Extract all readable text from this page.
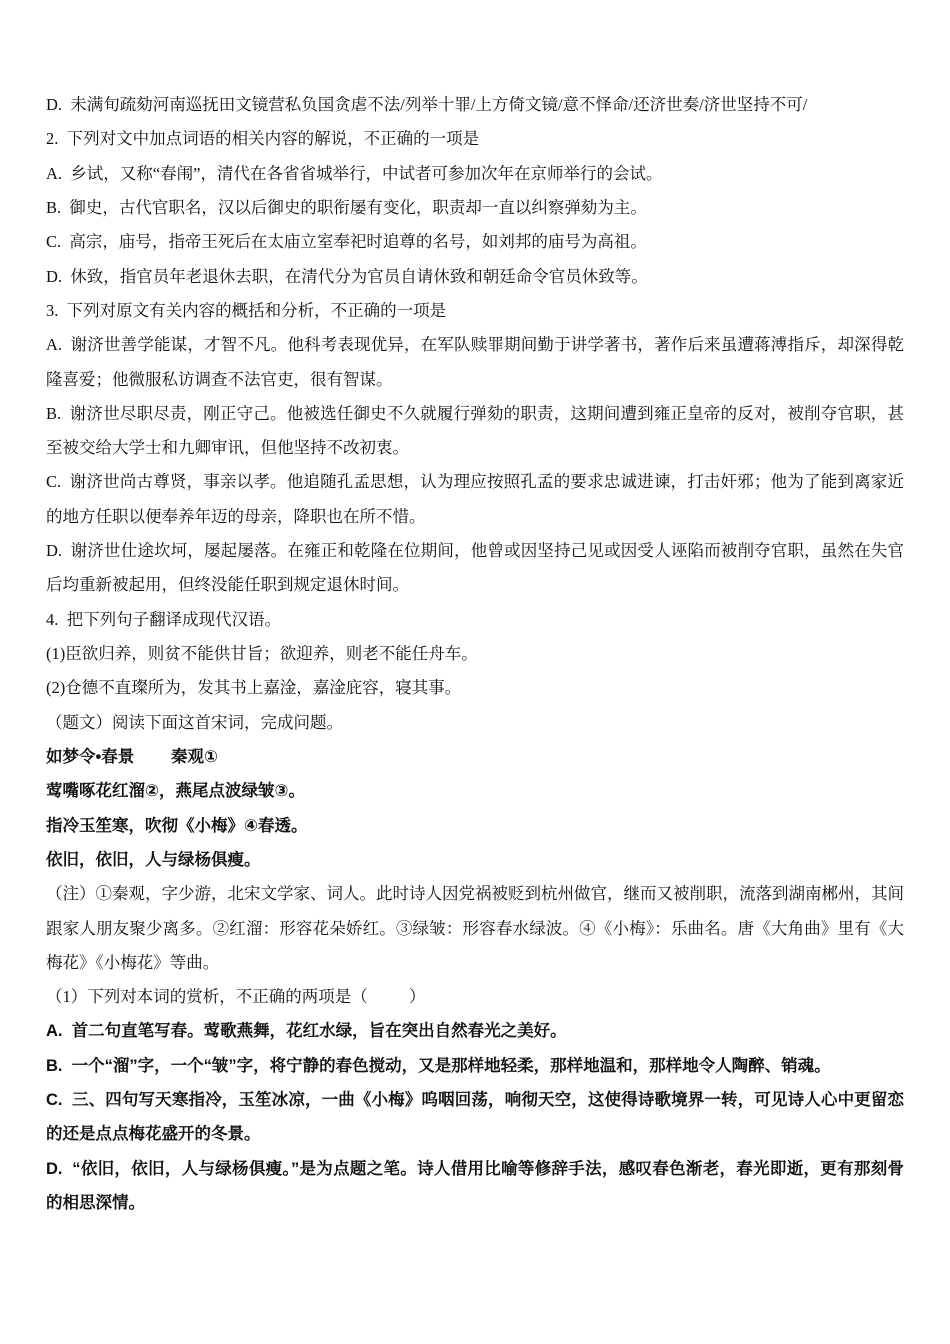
D.  未满旬疏劾河南巡抚田文镜营私负国贪虐不法/列举十罪/上方倚文镜/意不怿命/还济世奏/济世坚持不可/

2.  下列对文中加点词语的相关内容的解说，不正确的一项是

A.  乡试，又称“春闱”，清代在各省省城举行，中试者可参加次年在京师举行的会试。

B.  御史，古代官职名，汉以后御史的职衔屡有变化，职责却一直以纠察弹劾为主。

C.  高宗，庙号，指帝王死后在太庙立室奉祀时追尊的名号，如刘邦的庙号为高祖。

D.  休致，指官员年老退休去职，在清代分为官员自请休致和朝廷命令官员休致等。

3.  下列对原文有关内容的概括和分析，不正确的一项是

A.  谢济世善学能谋，才智不凡。他科考表现优异，在军队赎罪期间勤于讲学著书，著作后来虽遭蒋溥指斥，却深得乾隆喜爱；他微服私访调查不法官吏，很有智谋。

B.  谢济世尽职尽责，刚正守己。他被选任御史不久就履行弹劾的职责，这期间遭到雍正皇帝的反对，被削夺官职，甚至被交给大学士和九卿审讯，但他坚持不改初衷。

C.  谢济世尚古尊贤，事亲以孝。他追随孔孟思想，认为理应按照孔孟的要求忠诚进谏，打击奸邪；他为了能到离家近的地方任职以便奉养年迈的母亲，降职也在所不惜。

D.  谢济世仕途坎坷，屡起屡落。在雍正和乾隆在位期间，他曾或因坚持己见或因受人诬陷而被削夺官职，虽然在失官后均重新被起用，但终没能任职到规定退休时间。

4.  把下列句子翻译成现代汉语。

(1)臣欲归养，则贫不能供甘旨；欲迎养，则老不能任舟车。

(2)仓德不直璨所为，发其书上嘉淦，嘉淦庇容，寝其事。

（题文）阅读下面这首宋词，完成问题。

如梦令•春景        秦观①

莺嘴啄花红溜②，燕尾点波绿皱③。

指冷玉笙寒，吹彻《小梅》④春透。

依旧，依旧，人与绿杨俱瘦。

（注）①秦观，字少游，北宋文学家、词人。此时诗人因党祸被贬到杭州做官，继而又被削职，流落到湖南郴州，其间跟家人朋友聚少离多。②红溜：形容花朵娇红。③绿皱：形容春水绿波。④《小梅》：乐曲名。唐《大角曲》里有《大梅花》《小梅花》等曲。

（1）下列对本词的赏析，不正确的两项是（          ）

A.  首二句直笔写春。莺歌燕舞，花红水绿，旨在突出自然春光之美好。

B.  一个“溜”字，一个“皱”字，将宁静的春色搅动，又是那样地轻柔，那样地温和，那样地令人陶醉、销魂。

C.  三、四句写天寒指冷，玉笙冰凉，一曲《小梅》呜咽回荡，响彻天空，这使得诗歌境界一转，可见诗人心中更留恋的还是点点梅花盛开的冬景。

D.  “依旧，依旧，人与绿杨俱瘦。”是为点题之笔。诗人借用比喻等修辞手法，感叹春色渐老，春光即逝，更有那刻骨的相思深情。
